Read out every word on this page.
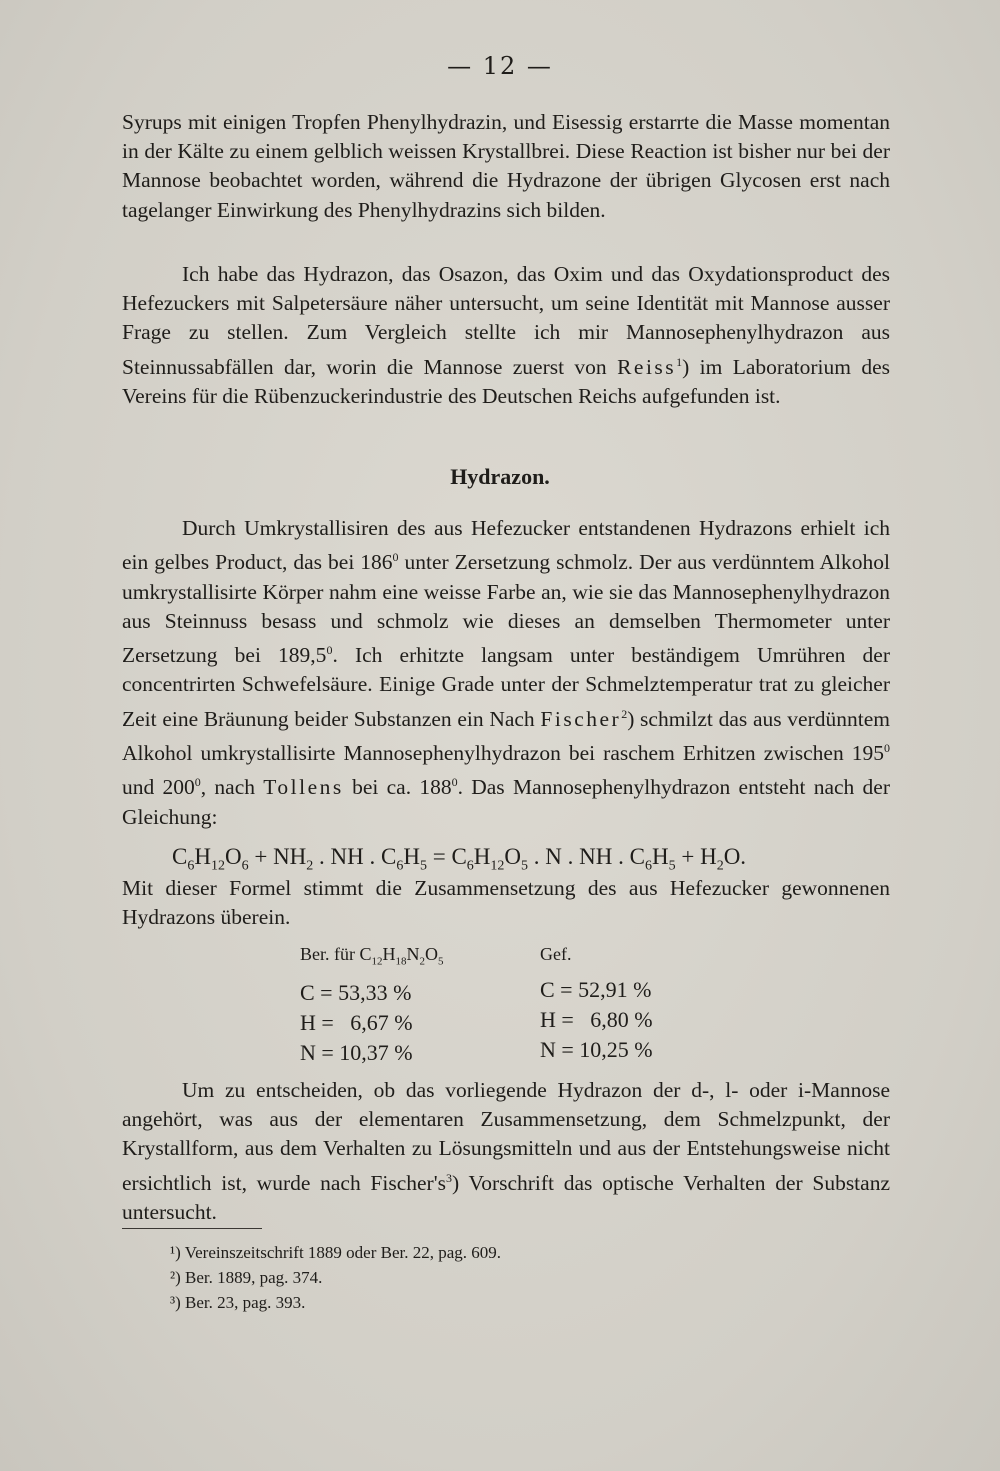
— 12 —

Syrups mit einigen Tropfen Phenylhydrazin, und Eisessig erstarrte die Masse momentan in der Kälte zu einem gelblich weissen Krystallbrei. Diese Reaction ist bisher nur bei der Mannose beobachtet worden, während die Hydrazone der übrigen Glycosen erst nach tagelanger Einwirkung des Phenylhydrazins sich bilden.

Ich habe das Hydrazon, das Osazon, das Oxim und das Oxydationsproduct des Hefezuckers mit Salpetersäure näher untersucht, um seine Identität mit Mannose ausser Frage zu stellen. Zum Vergleich stellte ich mir Mannosephenylhydrazon aus Steinnussabfällen dar, worin die Mannose zuerst von Reiss$^1$) im Laboratorium des Vereins für die Rübenzuckerindustrie des Deutschen Reichs aufgefunden ist.

Hydrazon.

Durch Umkrystallisiren des aus Hefezucker entstandenen Hydrazons erhielt ich ein gelbes Product, das bei $186^0$ unter Zersetzung schmolz. Der aus verdünntem Alkohol umkrystallisirte Körper nahm eine weisse Farbe an, wie sie das Mannosephenylhydrazon aus Steinnuss besass und schmolz wie dieses an demselben Thermometer unter Zersetzung bei 189,5$^0$. Ich erhitzte langsam unter beständigem Umrühren der concentrirten Schwefelsäure. Einige Grade unter der Schmelztemperatur trat zu gleicher Zeit eine Bräunung beider Substanzen ein Nach Fischer$^2$) schmilzt das aus verdünntem Alkohol umkrystallisirte Mannosephenylhydrazon bei raschem Erhitzen zwischen $195^0$ und $200^0$, nach Tollens bei ca. $188^0$. Das Mannosephenylhydrazon entsteht nach der Gleichung:

$C_6H_{12}O_6 + NH_2$ . NH . $C_6H_5 = C_6H_{12}O_5$ . N . NH . $C_6H_5 + H_2O$.

Mit dieser Formel stimmt die Zusammensetzung des aus Hefezucker gewonnenen Hydrazons überein.

Ber. für $C_{12}H_{18}N_2O_5$
C = 53,33 %
H =   6,67 %
N = 10,37 %
Gef.
C = 52,91 %
H =   6,80 %
N = 10,25 %

Um zu entscheiden, ob das vorliegende Hydrazon der d-, l- oder i-Mannose angehört, was aus der elementaren Zusammensetzung, dem Schmelzpunkt, der Krystallform, aus dem Verhalten zu Lösungsmitteln und aus der Entstehungsweise nicht ersichtlich ist, wurde nach $Fischer's^3$) Vorschrift das optische Verhalten der Substanz untersucht.

¹) Vereinszeitschrift 1889 oder Ber. 22, pag. 609.
²) Ber. 1889, pag. 374.
³) Ber. 23, pag. 393.
